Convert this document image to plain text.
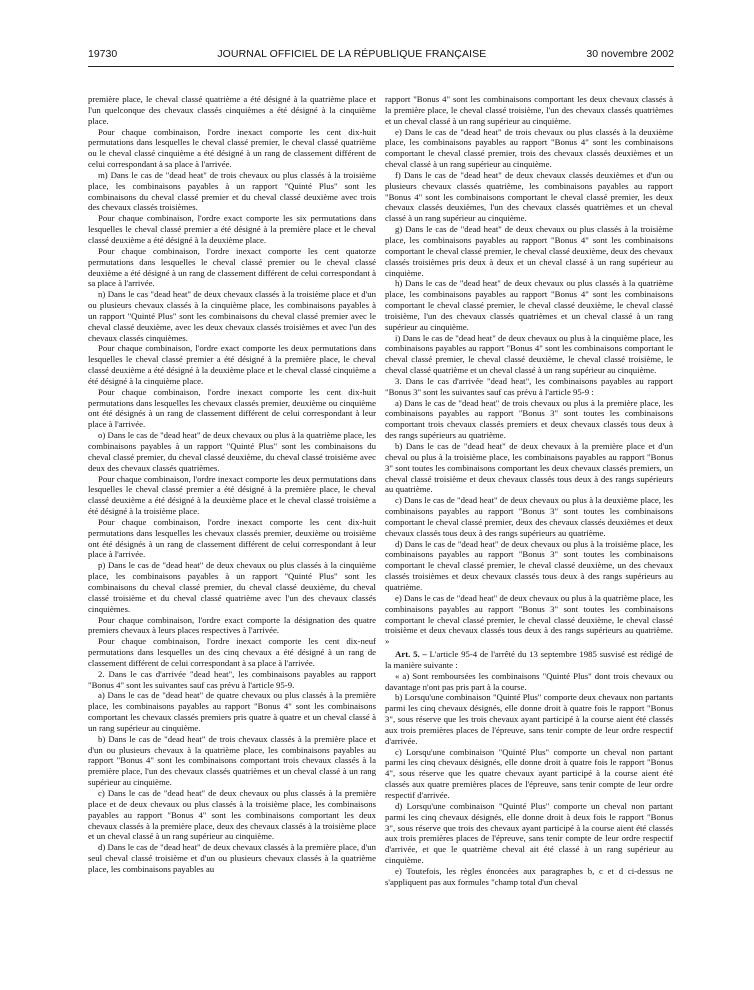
19730	JOURNAL OFFICIEL DE LA RÉPUBLIQUE FRANÇAISE	30 novembre 2002

première place, le cheval classé quatrième a été désigné à la quatrième place et l'un quelconque des chevaux classés cinquièmes a été désigné à la cinquième place.

Pour chaque combinaison, l'ordre inexact comporte les cent dix-huit permutations dans lesquelles le cheval classé premier, le cheval classé quatrième ou le cheval classé cinquième a été désigné à un rang de classement différent de celui correspondant à sa place à l'arrivée.

m) Dans le cas de "dead heat" de trois chevaux ou plus classés à la troisième place, les combinaisons payables à un rapport "Quinté Plus" sont les combinaisons du cheval classé premier et du cheval classé deuxième avec trois des chevaux classés troisièmes.

Pour chaque combinaison, l'ordre exact comporte les six permutations dans lesquelles le cheval classé premier a été désigné à la première place et le cheval classé deuxième a été désigné à la deuxième place.

Pour chaque combinaison, l'ordre inexact comporte les cent quatorze permutations dans lesquelles le cheval classé premier ou le cheval classé deuxième a été désigné à un rang de classement différent de celui correspondant à sa place à l'arrivée.

n) Dans le cas "dead heat" de deux chevaux classés à la troisième place et d'un ou plusieurs chevaux classés à la cinquième place, les combinaisons payables à un rapport "Quinté Plus" sont les combinaisons du cheval classé premier avec le cheval classé deuxième, avec les deux chevaux classés troisièmes et avec l'un des chevaux classés cinquièmes.

Pour chaque combinaison, l'ordre exact comporte les deux permutations dans lesquelles le cheval classé premier a été désigné à la première place, le cheval classé deuxième a été désigné à la deuxième place et le cheval classé cinquième a été désigné à la cinquième place.

Pour chaque combinaison, l'ordre inexact comporte les cent dix-huit permutations dans lesquelles les chevaux classés premier, deuxième ou cinquième ont été désignés à un rang de classement différent de celui correspondant à leur place à l'arrivée.

o) Dans le cas de "dead heat" de deux chevaux ou plus à la quatrième place, les combinaisons payables à un rapport "Quinté Plus" sont les combinaisons du cheval classé premier, du cheval classé deuxième, du cheval classé troisième avec deux des chevaux classés quatrièmes.

Pour chaque combinaison, l'ordre inexact comporte les deux permutations dans lesquelles le cheval classé premier a été désigné à la première place, le cheval classé deuxième a été désigné à la deuxième place et le cheval classé troisième a été désigné à la troisième place.

Pour chaque combinaison, l'ordre inexact comporte les cent dix-huit permutations dans lesquelles les chevaux classés premier, deuxième ou troisième ont été désignés à un rang de classement différent de celui correspondant à leur place à l'arrivée.

p) Dans le cas de "dead heat" de deux chevaux ou plus classés à la cinquième place, les combinaisons payables à un rapport "Quinté Plus" sont les combinaisons du cheval classé premier, du cheval classé deuxième, du cheval classé troisième et du cheval classé quatrième avec l'un des chevaux classés cinquièmes.

Pour chaque combinaison, l'ordre exact comporte la désignation des quatre premiers chevaux à leurs places respectives à l'arrivée.

Pour chaque combinaison, l'ordre inexact comporte les cent dix-neuf permutations dans lesquelles un des cinq chevaux a été désigné à un rang de classement différent de celui correspondant à sa place à l'arrivée.

2. Dans le cas d'arrivée "dead heat", les combinaisons payables au rapport "Bonus 4" sont les suivantes sauf cas prévu à l'article 95-9.

a) Dans le cas de "dead heat" de quatre chevaux ou plus classés à la première place, les combinaisons payables au rapport "Bonus 4" sont les combinaisons comportant les chevaux classés premiers pris quatre à quatre et un cheval classé à un rang supérieur au cinquième.

b) Dans le cas de "dead heat" de trois chevaux classés à la première place et d'un ou plusieurs chevaux à la quatrième place, les combinaisons payables au rapport "Bonus 4" sont les combinaisons comportant trois chevaux classés à la première place, l'un des chevaux classés quatrièmes et un cheval classé à un rang supérieur au cinquième.

c) Dans le cas de "dead heat" de deux chevaux ou plus classés à la première place et de deux chevaux ou plus classés à la troisième place, les combinaisons payables au rapport "Bonus 4" sont les combinaisons comportant les deux chevaux classés à la première place, deux des chevaux classés à la troisième place et un cheval classé à un rang supérieur au cinquième.

d) Dans le cas de "dead heat" de deux chevaux classés à la première place, d'un seul cheval classé troisième et d'un ou plusieurs chevaux classés à la quatrième place, les combinaisons payables au

rapport "Bonus 4" sont les combinaisons comportant les deux chevaux classés à la première place, le cheval classé troisième, l'un des chevaux classés quatrièmes et un cheval classé à un rang supérieur au cinquième.

e) Dans le cas de "dead heat" de trois chevaux ou plus classés à la deuxième place, les combinaisons payables au rapport "Bonus 4" sont les combinaisons comportant le cheval classé premier, trois des chevaux classés deuxièmes et un cheval classé à un rang supérieur au cinquième.

f) Dans le cas de "dead heat" de deux chevaux classés deuxièmes et d'un ou plusieurs chevaux classés quatrième, les combinaisons payables au rapport "Bonus 4" sont les combinaisons comportant le cheval classé premier, les deux chevaux classés deuxièmes, l'un des chevaux classés quatrièmes et un cheval classé à un rang supérieur au cinquième.

g) Dans le cas de "dead heat" de deux chevaux ou plus classés à la troisième place, les combinaisons payables au rapport "Bonus 4" sont les combinaisons comportant le cheval classé premier, le cheval classé deuxième, deux des chevaux classés troisièmes pris deux à deux et un cheval classé à un rang supérieur au cinquième.

h) Dans le cas de "dead heat" de deux chevaux ou plus classés à la quatrième place, les combinaisons payables au rapport "Bonus 4" sont les combinaisons comportant le cheval classé premier, le cheval classé deuxième, le cheval classé troisième, l'un des chevaux classés quatrièmes et un cheval classé à un rang supérieur au cinquième.

i) Dans le cas de "dead heat" de deux chevaux ou plus à la cinquième place, les combinaisons payables au rapport "Bonus 4" sont les combinaisons comportant le cheval classé premier, le cheval classé deuxième, le cheval classé troisième, le cheval classé quatrième et un cheval classé à un rang supérieur au cinquième.

3. Dans le cas d'arrivée "dead heat", les combinaisons payables au rapport "Bonus 3" sont les suivantes sauf cas prévu à l'article 95-9 :

a) Dans le cas de "dead heat" de trois chevaux ou plus à la première place, les combinaisons payables au rapport "Bonus 3" sont toutes les combinaisons comportant trois chevaux classés premiers et deux chevaux classés tous deux à des rangs supérieurs au quatrième.

b) Dans le cas de "dead heat" de deux chevaux à la première place et d'un cheval ou plus à la troisième place, les combinaisons payables au rapport "Bonus 3" sont toutes les combinaisons comportant les deux chevaux classés premiers, un cheval classé troisième et deux chevaux classés tous deux à des rangs supérieurs au quatrième.

c) Dans le cas de "dead heat" de deux chevaux ou plus à la deuxième place, les combinaisons payables au rapport "Bonus 3" sont toutes les combinaisons comportant le cheval classé premier, deux des chevaux classés deuxièmes et deux chevaux classés tous deux à des rangs supérieurs au quatrième.

d) Dans le cas de "dead heat" de deux chevaux ou plus à la troisième place, les combinaisons payables au rapport "Bonus 3" sont toutes les combinaisons comportant le cheval classé premier, le cheval classé deuxième, un des chevaux classés troisièmes et deux chevaux classés tous deux à des rangs supérieurs au quatrième.

e) Dans le cas de "dead heat" de deux chevaux ou plus à la quatrième place, les combinaisons payables au rapport "Bonus 3" sont toutes les combinaisons comportant le cheval classé premier, le cheval classé deuxième, le cheval classé troisième et deux chevaux classés tous deux à des rangs supérieurs au quatrième. »

Art. 5. – L'article 95-4 de l'arrêté du 13 septembre 1985 susvisé est rédigé de la manière suivante :

« a) Sont remboursées les combinaisons "Quinté Plus" dont trois chevaux ou davantage n'ont pas pris part à la course.

b) Lorsqu'une combinaison "Quinté Plus" comporte deux chevaux non partants parmi les cinq chevaux désignés, elle donne droit à quatre fois le rapport "Bonus 3", sous réserve que les trois chevaux ayant participé à la course aient été classés aux trois premières places de l'épreuve, sans tenir compte de leur ordre respectif d'arrivée.

c) Lorsqu'une combinaison "Quinté Plus" comporte un cheval non partant parmi les cinq chevaux désignés, elle donne droit à quatre fois le rapport "Bonus 4", sous réserve que les quatre chevaux ayant participé à la course aient été classés aux quatre premières places de l'épreuve, sans tenir compte de leur ordre respectif d'arrivée.

d) Lorsqu'une combinaison "Quinté Plus" comporte un cheval non partant parmi les cinq chevaux désignés, elle donne droit à deux fois le rapport "Bonus 3", sous réserve que trois des chevaux ayant participé à la course aient été classés aux trois premières places de l'épreuve, sans tenir compte de leur ordre respectif d'arrivée, et que le quatrième cheval ait été classé à un rang supérieur au cinquième.

e) Toutefois, les règles énoncées aux paragraphes b, c et d ci-dessus ne s'appliquent pas aux formules "champ total d'un cheval
